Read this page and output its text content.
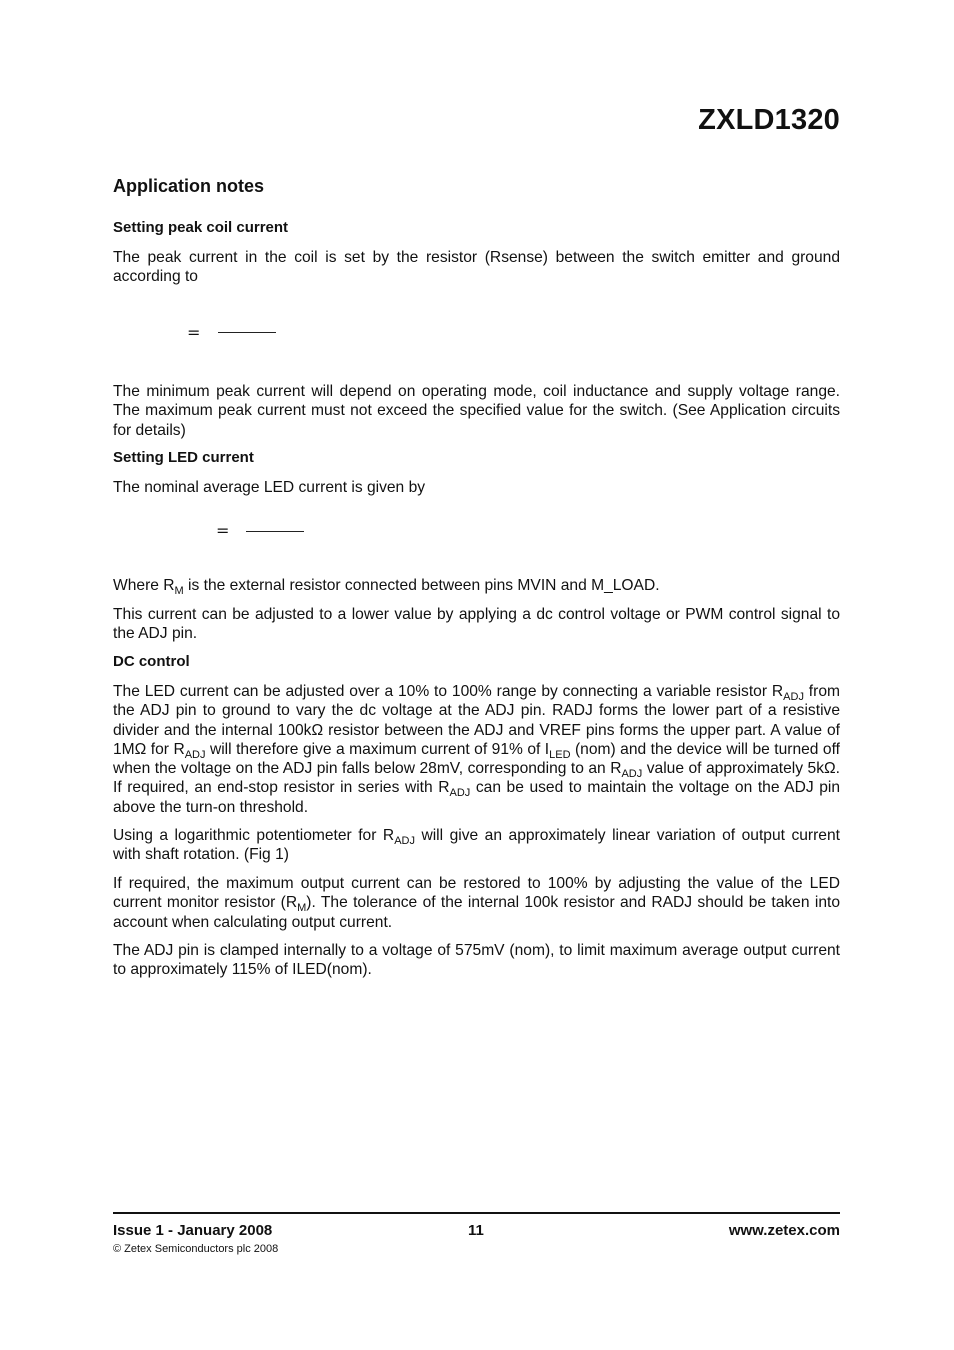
ZXLD1320
Application notes
Setting peak coil current

The peak current in the coil is set by the resistor (Rsense) between the switch emitter and ground according to

=

The minimum peak current will depend on operating mode, coil inductance and supply voltage range. The maximum peak current must not exceed the specified value for the switch. (See Application circuits for details)

Setting LED current

The nominal average LED current is given by

=

Where $R_M$ is the external resistor connected between pins MVIN and M_LOAD.

This current can be adjusted to a lower value by applying a dc control voltage or PWM control signal to the ADJ pin.

DC control

The LED current can be adjusted over a 10% to 100% range by connecting a variable resistor $R_{ADJ}$ from the ADJ pin to ground to vary the dc voltage at the ADJ pin. RADJ forms the lower part of a resistive divider and the internal 100kΩ resistor between the ADJ and VREF pins forms the upper part. A value of 1MΩ for $R_{ADJ}$ will therefore give a maximum current of 91% of $I_{LED}$ (nom) and the device will be turned off when the voltage on the ADJ pin falls below 28mV, corresponding to an $R_{ADJ}$ value of approximately 5kΩ. If required, an end-stop resistor in series with $R_{ADJ}$ can be used to maintain the voltage on the ADJ pin above the turn-on threshold.

Using a logarithmic potentiometer for $R_{ADJ}$ will give an approximately linear variation of output current with shaft rotation. (Fig 1)

If required, the maximum output current can be restored to 100% by adjusting the value of the LED current monitor resistor $(R_M)$. The tolerance of the internal 100k resistor and RADJ should be taken into account when calculating output current.

The ADJ pin is clamped internally to a voltage of 575mV (nom), to limit maximum average output current to approximately 115% of ILED(nom).

Issue 1 - January 2008	11	www.zetex.com
© Zetex Semiconductors plc 2008
